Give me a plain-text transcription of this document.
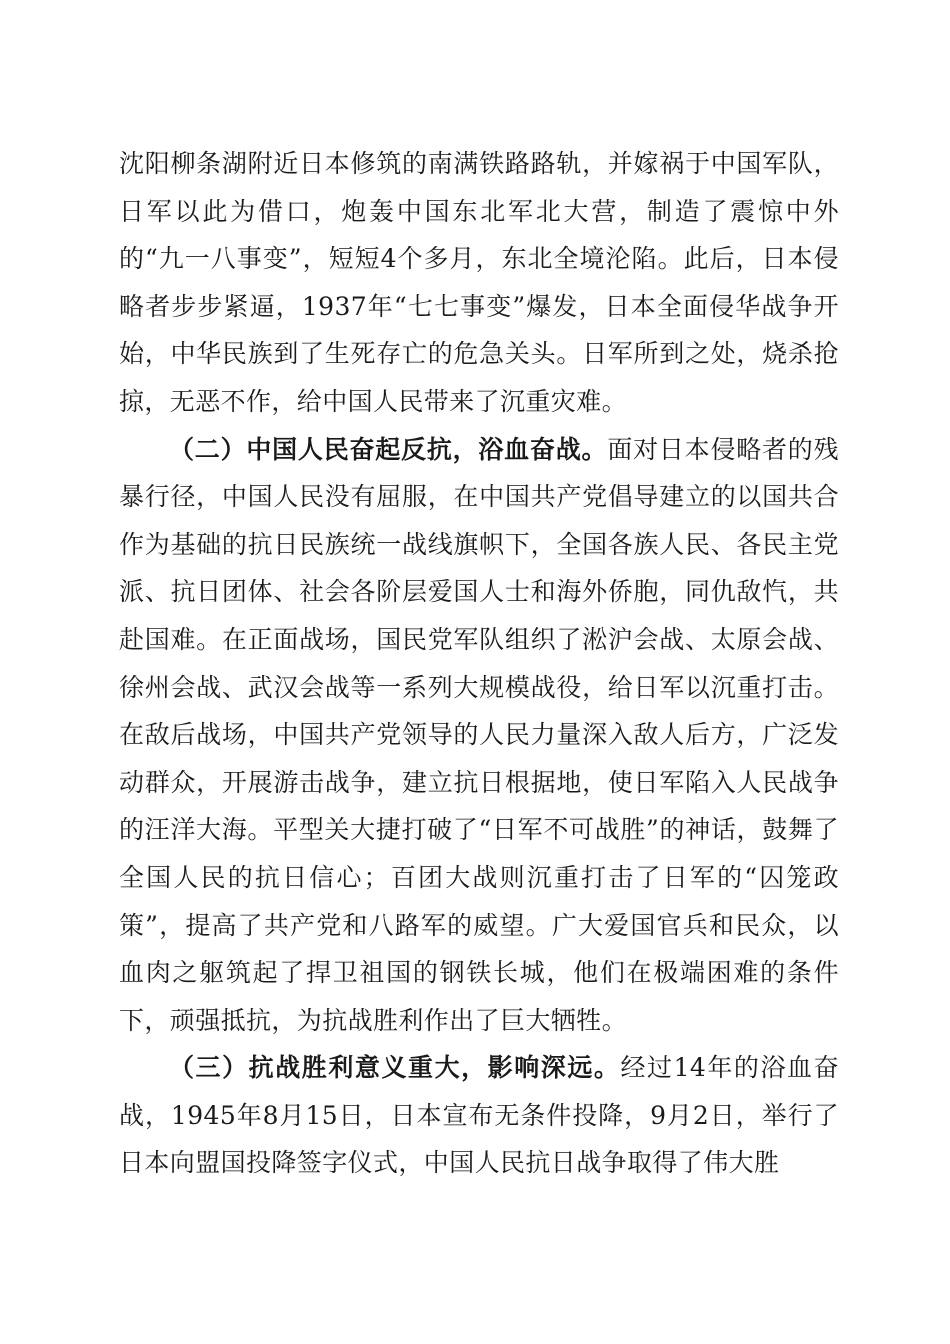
沈阳柳条湖附近日本修筑的南满铁路路轨，并嫁祸于中国军队，日军以此为借口，炮轰中国东北军北大营，制造了震惊中外的“九一八事变”，短短4个多月，东北全境沦陷。此后，日本侵略者步步紧逼，1937年“七七事变”爆发，日本全面侵华战争开始，中华民族到了生死存亡的危急关头。日军所到之处，烧杀抢掠，无恶不作，给中国人民带来了沉重灾难。

（二）中国人民奋起反抗，浴血奋战。面对日本侵略者的残暴行径，中国人民没有屈服，在中国共产党倡导建立的以国共合作为基础的抗日民族统一战线旗帜下，全国各族人民、各民主党派、抗日团体、社会各阶层爱国人士和海外侨胞，同仇敌忾，共赴国难。在正面战场，国民党军队组织了淞沪会战、太原会战、徐州会战、武汉会战等一系列大规模战役，给日军以沉重打击。在敌后战场，中国共产党领导的人民力量深入敌人后方，广泛发动群众，开展游击战争，建立抗日根据地，使日军陷入人民战争的汪洋大海。平型关大捷打破了“日军不可战胜”的神话，鼓舞了全国人民的抗日信心；百团大战则沉重打击了日军的“囚笼政策”，提高了共产党和八路军的威望。广大爱国官兵和民众，以血肉之躯筑起了捍卫祖国的钢铁长城，他们在极端困难的条件下，顽强抵抗，为抗战胜利作出了巨大牺牲。

（三）抗战胜利意义重大，影响深远。经过14年的浴血奋战，1945年8月15日，日本宣布无条件投降，9月2日，举行了日本向盟国投降签字仪式，中国人民抗日战争取得了伟大胜
